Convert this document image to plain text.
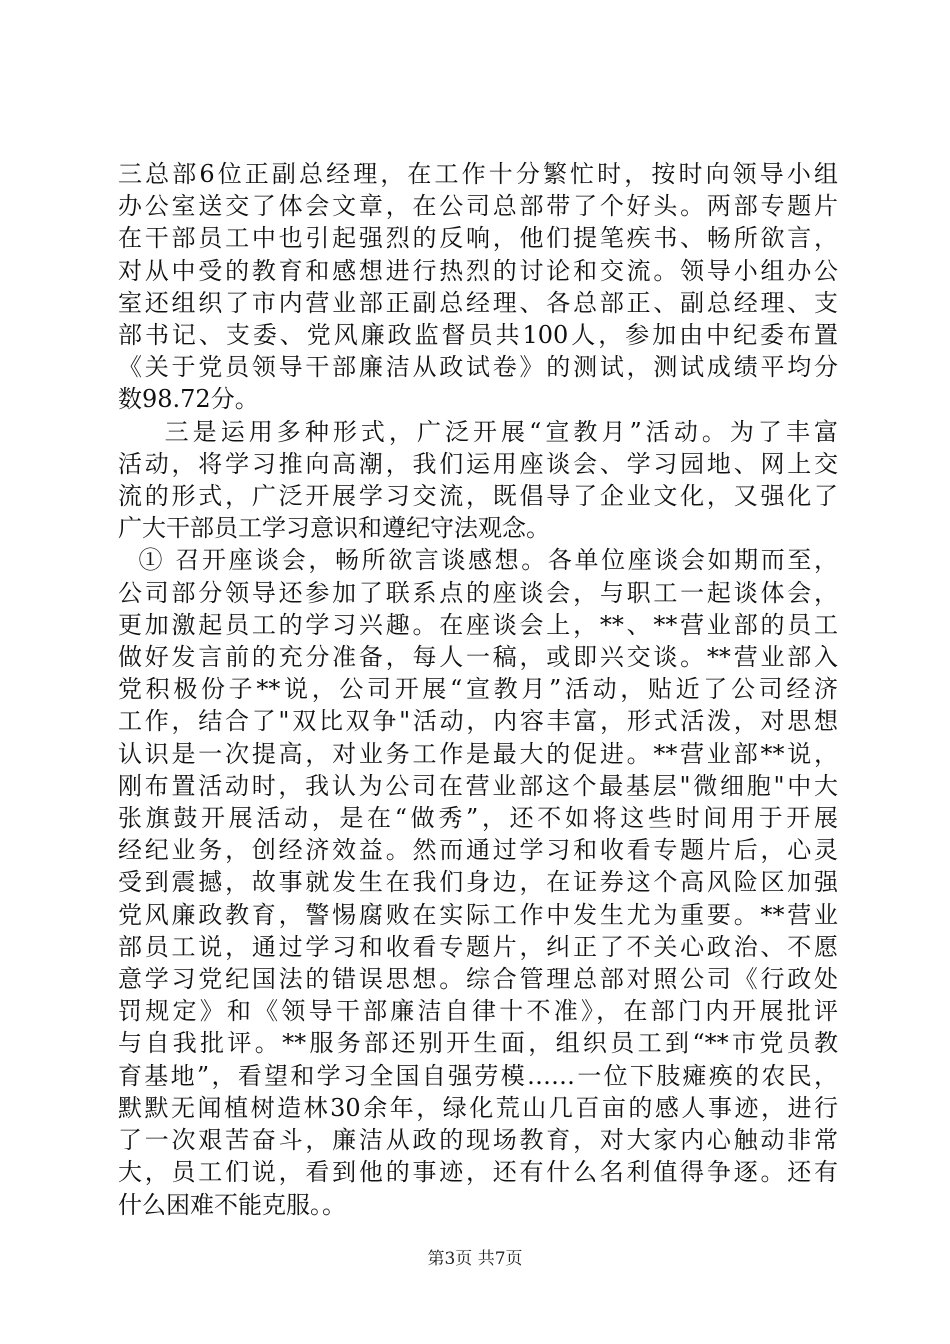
三总部6位正副总经理，在工作十分繁忙时，按时向领导小组
办公室送交了体会文章，在公司总部带了个好头。两部专题片
在干部员工中也引起强烈的反响，他们提笔疾书、畅所欲言，
对从中受的教育和感想进行热烈的讨论和交流。领导小组办公
室还组织了市内营业部正副总经理、各总部正、副总经理、支
部书记、支委、党风廉政监督员共100人，参加由中纪委布置
《关于党员领导干部廉洁从政试卷》的测试，测试成绩平均分
数98.72分。

三是运用多种形式，广泛开展“宣教月”活动。为了丰富
活动，将学习推向高潮，我们运用座谈会、学习园地、网上交
流的形式，广泛开展学习交流，既倡导了企业文化，又强化了
广大干部员工学习意识和遵纪守法观念。

① 召开座谈会，畅所欲言谈感想。各单位座谈会如期而至，
公司部分领导还参加了联系点的座谈会，与职工一起谈体会，
更加激起员工的学习兴趣。在座谈会上，**、**营业部的员工
做好发言前的充分准备，每人一稿，或即兴交谈。**营业部入
党积极份子**说，公司开展“宣教月”活动，贴近了公司经济
工作，结合了"双比双争"活动，内容丰富，形式活泼，对思想
认识是一次提高，对业务工作是最大的促进。**营业部**说，
刚布置活动时，我认为公司在营业部这个最基层"微细胞"中大
张旗鼓开展活动，是在“做秀”，还不如将这些时间用于开展
经纪业务，创经济效益。然而通过学习和收看专题片后，心灵
受到震撼，故事就发生在我们身边，在证券这个高风险区加强
党风廉政教育，警惕腐败在实际工作中发生尤为重要。**营业
部员工说，通过学习和收看专题片，纠正了不关心政治、不愿
意学习党纪国法的错误思想。综合管理总部对照公司《行政处
罚规定》和《领导干部廉洁自律十不准》，在部门内开展批评
与自我批评。**服务部还别开生面，组织员工到“**市党员教
育基地”，看望和学习全国自强劳模……一位下肢瘫痪的农民，
默默无闻植树造林30余年，绿化荒山几百亩的感人事迹，进行
了一次艰苦奋斗，廉洁从政的现场教育，对大家内心触动非常
大，员工们说，看到他的事迹，还有什么名利值得争逐。还有
什么困难不能克服。。

第3页 共7页
